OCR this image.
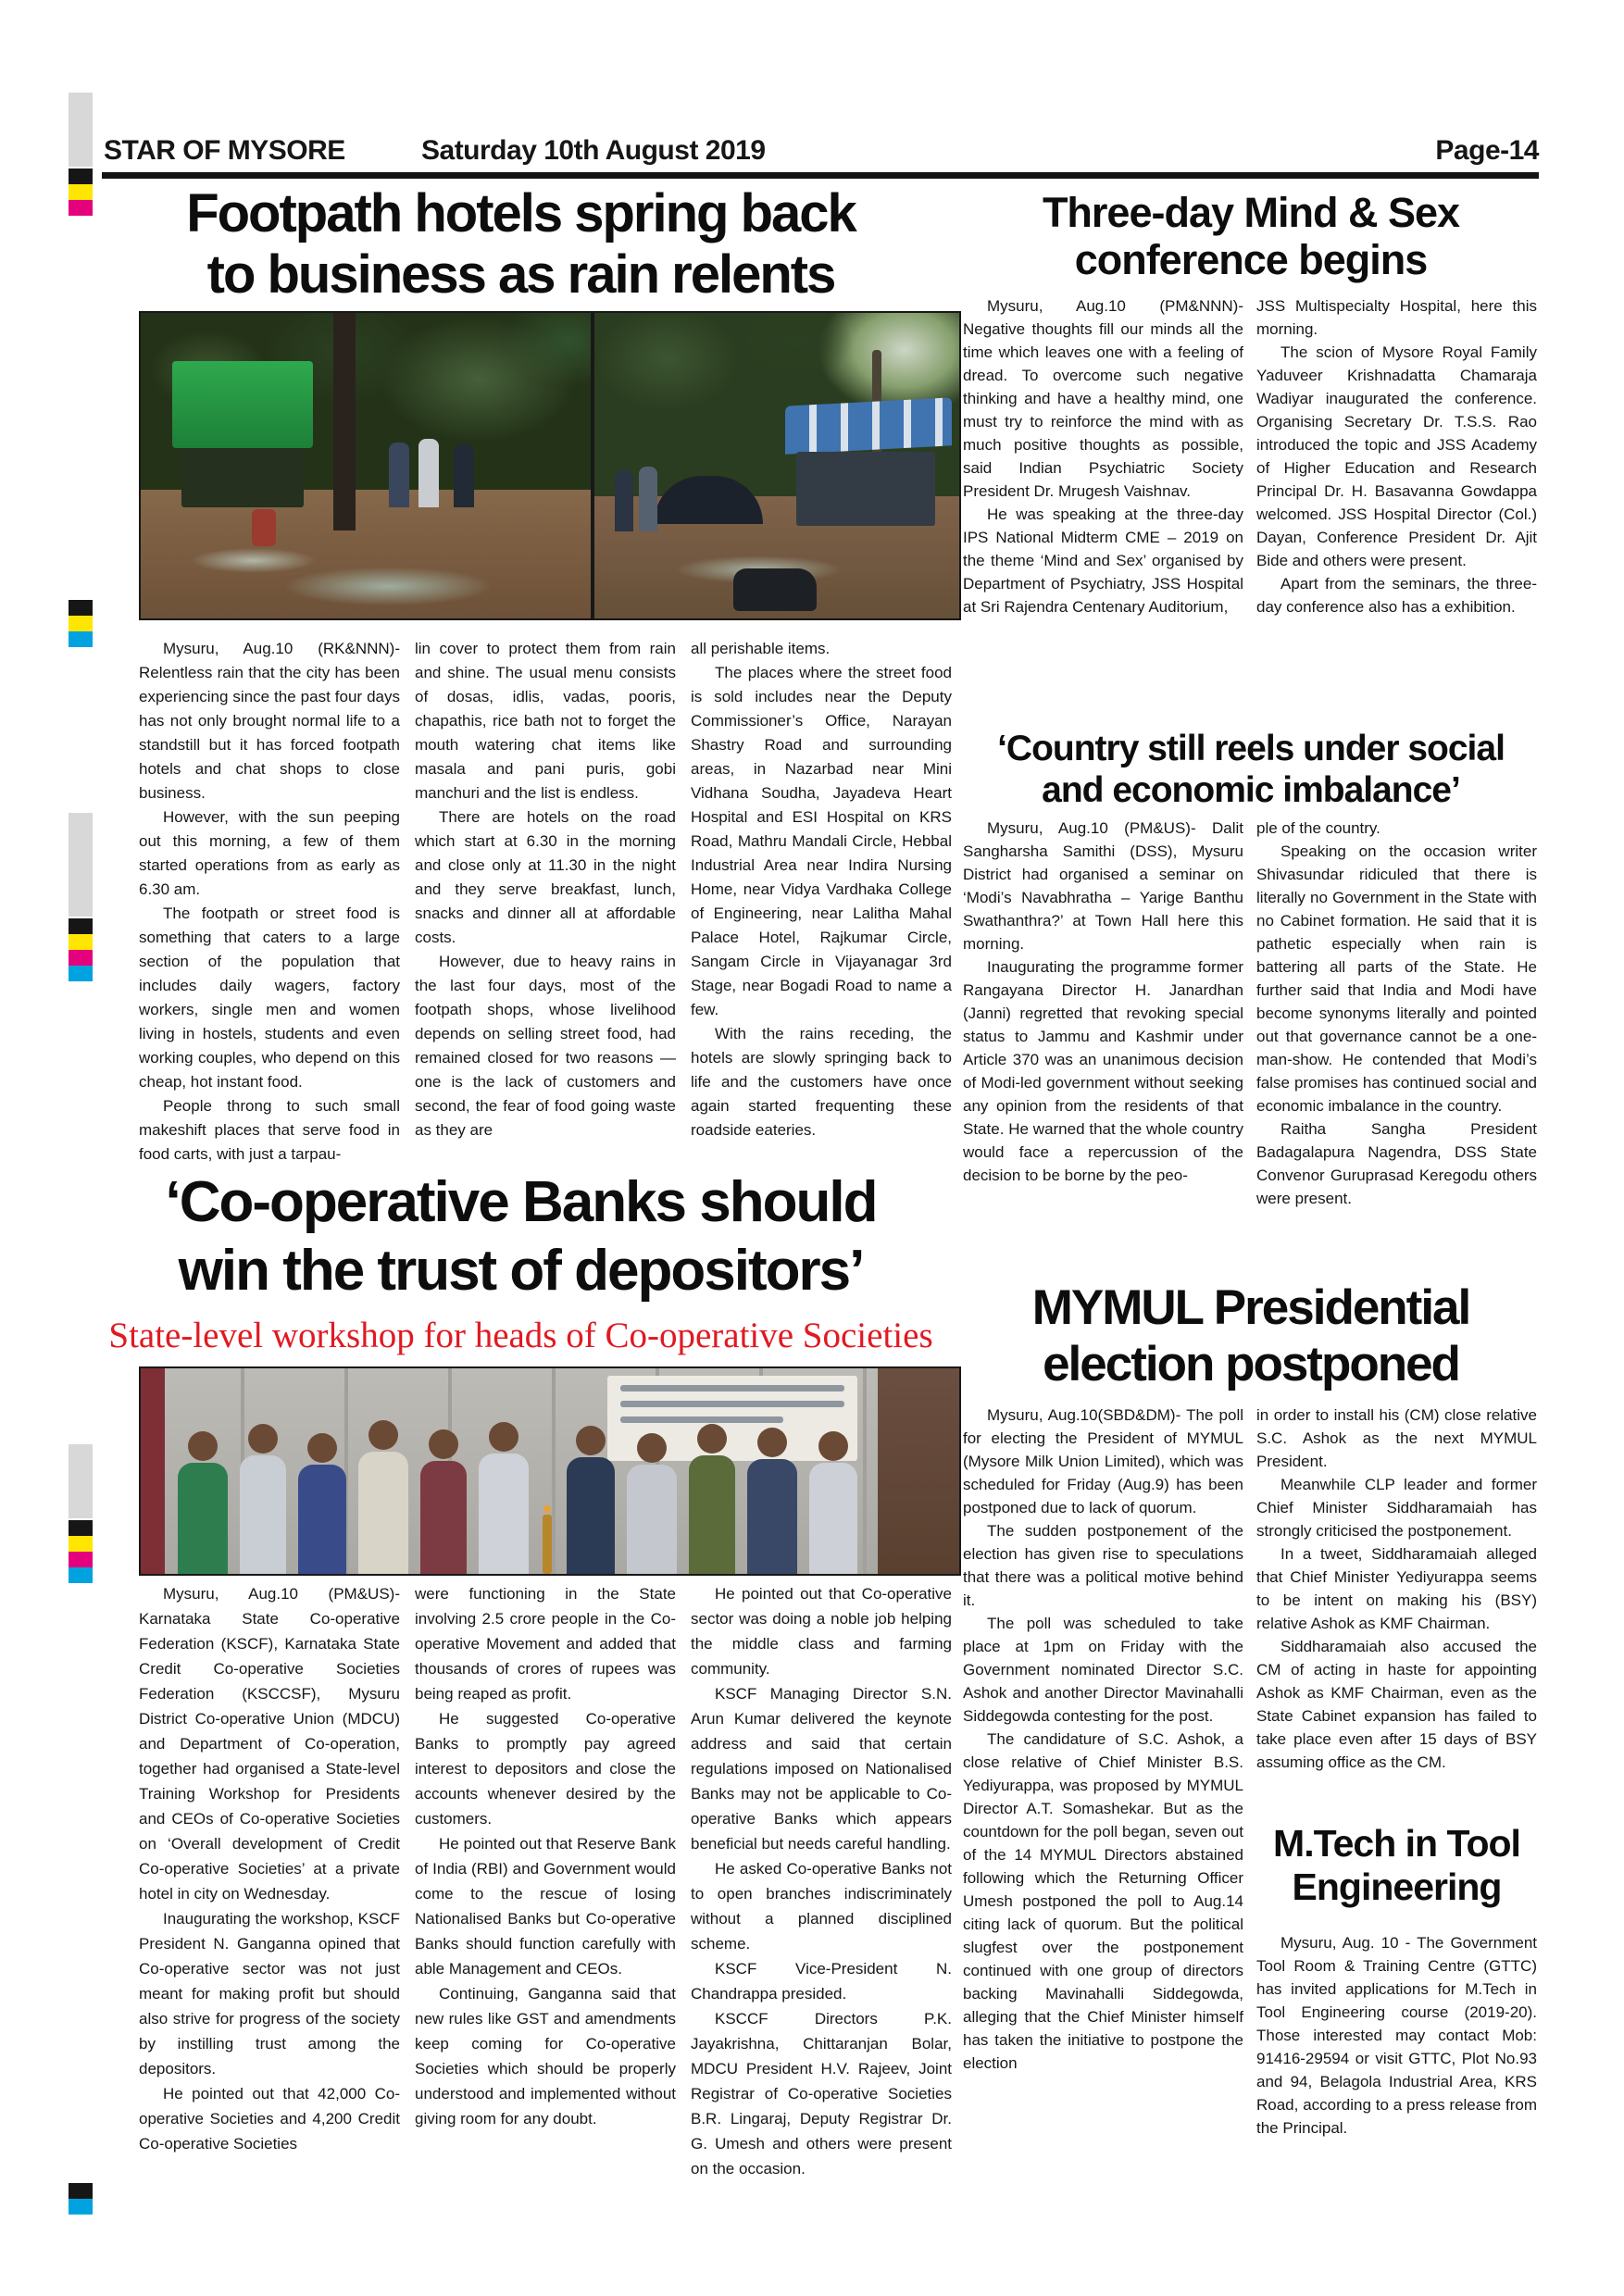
STAR OF MYSORE	Saturday 10th August 2019	Page-14
Footpath hotels spring back
to business as rain relents

Mysuru, Aug.10 (RK&NNN)- Relentless rain that the city has been experiencing since the past four days has not only brought normal life to a standstill but it has forced footpath hotels and chat shops to close business.

However, with the sun peeping out this morning, a few of them started operations from as early as 6.30 am.

The footpath or street food is something that caters to a large section of the population that includes daily wagers, factory workers, single men and women living in hostels, students and even working couples, who depend on this cheap, hot instant food.

People throng to such small makeshift places that serve food in food carts, with just a tarpau-

lin cover to protect them from rain and shine. The usual menu consists of dosas, idlis, vadas, pooris, chapathis, rice bath not to forget the mouth watering chat items like masala and pani puris, gobi manchuri and the list is endless.

There are hotels on the road which start at 6.30 in the morning and close only at 11.30 in the night and they serve breakfast, lunch, snacks and dinner all at affordable costs.

However, due to heavy rains in the last four days, most of the footpath shops, whose livelihood depends on selling street food, had remained closed for two reasons — one is the lack of customers and second, the fear of food going waste as they are

all perishable items.

The places where the street food is sold includes near the Deputy Commissioner’s Office, Narayan Shastry Road and surrounding areas, in Nazarbad near Mini Vidhana Soudha, Jayadeva Heart Hospital and ESI Hospital on KRS Road, Mathru Mandali Circle, Hebbal Industrial Area near Indira Nursing Home, near Vidya Vardhaka College of Engineering, near Lalitha Mahal Palace Hotel, Rajkumar Circle, Sangam Circle in Vijayanagar 3rd Stage, near Bogadi Road to name a few.

With the rains receding, the hotels are slowly springing back to life and the customers have once again started frequenting these roadside eateries.

‘Co-operative Banks should
win the trust of depositors’
State-level workshop for heads of Co-operative Societies

Mysuru, Aug.10 (PM&US)- Karnataka State Co-operative Federation (KSCF), Karnataka State Credit Co-operative Societies Federation (KSCCSF), Mysuru District Co-operative Union (MDCU) and Department of Co-operation, together had organised a State-level Training Workshop for Presidents and CEOs of Co-operative Societies on ‘Overall development of Credit Co-operative Societies’ at a private hotel in city on Wednesday.

Inaugurating the workshop, KSCF President N. Ganganna opined that Co-operative sector was not just meant for making profit but should also strive for progress of the society by instilling trust among the depositors.

He pointed out that 42,000 Co-operative Societies and 4,200 Credit Co-operative Societies

were functioning in the State involving 2.5 crore people in the Co-operative Movement and added that thousands of crores of rupees was being reaped as profit.

He suggested Co-operative Banks to promptly pay agreed interest to depositors and close the accounts whenever desired by the customers.

He pointed out that Reserve Bank of India (RBI) and Government would come to the rescue of losing Nationalised Banks but Co-operative Banks should function carefully with able Management and CEOs.

Continuing, Ganganna said that new rules like GST and amendments keep coming for Co-operative Societies which should be properly understood and implemented without giving room for any doubt.

He pointed out that Co-operative sector was doing a noble job helping the middle class and farming community.

KSCF Managing Director S.N. Arun Kumar delivered the keynote address and said that certain regulations imposed on Nationalised Banks may not be applicable to Co-operative Banks which appears beneficial but needs careful handling.

He asked Co-operative Banks not to open branches indiscriminately without a planned disciplined scheme.

KSCF Vice-President N. Chandrappa presided.

KSCCF Directors P.K. Jayakrishna, Chittaranjan Bolar, MDCU President H.V. Rajeev, Joint Registrar of Co-operative Societies B.R. Lingaraj, Deputy Registrar Dr. G. Umesh and others were present on the occasion.

Three-day Mind & Sex
conference begins

Mysuru, Aug.10 (PM&NNN)- Negative thoughts fill our minds all the time which leaves one with a feeling of dread. To overcome such negative thinking and have a healthy mind, one must try to reinforce the mind with as much positive thoughts as possible, said Indian Psychiatric Society President Dr. Mrugesh Vaishnav.

He was speaking at the three-day IPS National Midterm CME – 2019 on the theme ‘Mind and Sex’ organised by Department of Psychiatry, JSS Hospital at Sri Rajendra Centenary Auditorium,

JSS Multispecialty Hospital, here this morning.

The scion of Mysore Royal Family Yaduveer Krishnadatta Chamaraja Wadiyar inaugurated the conference. Organising Secretary Dr. T.S.S. Rao introduced the topic and JSS Academy of Higher Education and Research Principal Dr. H. Basavanna Gowdappa welcomed. JSS Hospital Director (Col.) Dayan, Conference President Dr. Ajit Bide and others were present.

Apart from the seminars, the three-day conference also has a exhibition.

‘Country still reels under social
and economic imbalance’

Mysuru, Aug.10 (PM&US)- Dalit Sangharsha Samithi (DSS), Mysuru District had organised a seminar on ‘Modi’s Navabhratha – Yarige Banthu Swathanthra?’ at Town Hall here this morning.

Inaugurating the programme former Rangayana Director H. Janardhan (Janni) regretted that revoking special status to Jammu and Kashmir under Article 370 was an unanimous decision of Modi-led government without seeking any opinion from the residents of that State. He warned that the whole country would face a repercussion of the decision to be borne by the peo-

ple of the country.

Speaking on the occasion writer Shivasundar ridiculed that there is literally no Government in the State with no Cabinet formation. He said that it is pathetic especially when rain is battering all parts of the State. He further said that India and Modi have become synonyms literally and pointed out that governance cannot be a one-man-show. He contended that Modi’s false promises has continued social and economic imbalance in the country.

Raitha Sangha President Badagalapura Nagendra, DSS State Convenor Guruprasad Keregodu others were present.

MYMUL Presidential
election postponed

Mysuru, Aug.10(SBD&DM)- The poll for electing the President of MYMUL (Mysore Milk Union Limited), which was scheduled for Friday (Aug.9) has been postponed due to lack of quorum.

The sudden postponement of the election has given rise to speculations that there was a political motive behind it.

The poll was scheduled to take place at 1pm on Friday with the Government nominated Director S.C. Ashok and another Director Mavinahalli Siddegowda contesting for the post.

The candidature of S.C. Ashok, a close relative of Chief Minister B.S. Yediyurappa, was proposed by MYMUL Director A.T. Somashekar. But as the countdown for the poll began, seven out of the 14 MYMUL Directors abstained following which the Returning Officer Umesh postponed the poll to Aug.14 citing lack of quorum. But the political slugfest over the postponement continued with one group of directors backing Mavinahalli Siddegowda, alleging that the Chief Minister himself has taken the initiative to postpone the election

in order to install his (CM) close relative S.C. Ashok as the next MYMUL President.

Meanwhile CLP leader and former Chief Minister Siddharamaiah has strongly criticised the postponement.

In a tweet, Siddharamaiah alleged that Chief Minister Yediyurappa seems to be intent on making his (BSY) relative Ashok as KMF Chairman.

Siddharamaiah also accused the CM of acting in haste for appointing Ashok as KMF Chairman, even as the State Cabinet expansion has failed to take place even after 15 days of BSY assuming office as the CM.

M.Tech in Tool
Engineering

Mysuru, Aug. 10 - The Government Tool Room & Training Centre (GTTC) has invited applications for M.Tech in Tool Engineering course (2019-20). Those interested may contact Mob: 91416-29594 or visit GTTC, Plot No.93 and 94, Belagola Industrial Area, KRS Road, according to a press release from the Principal.
